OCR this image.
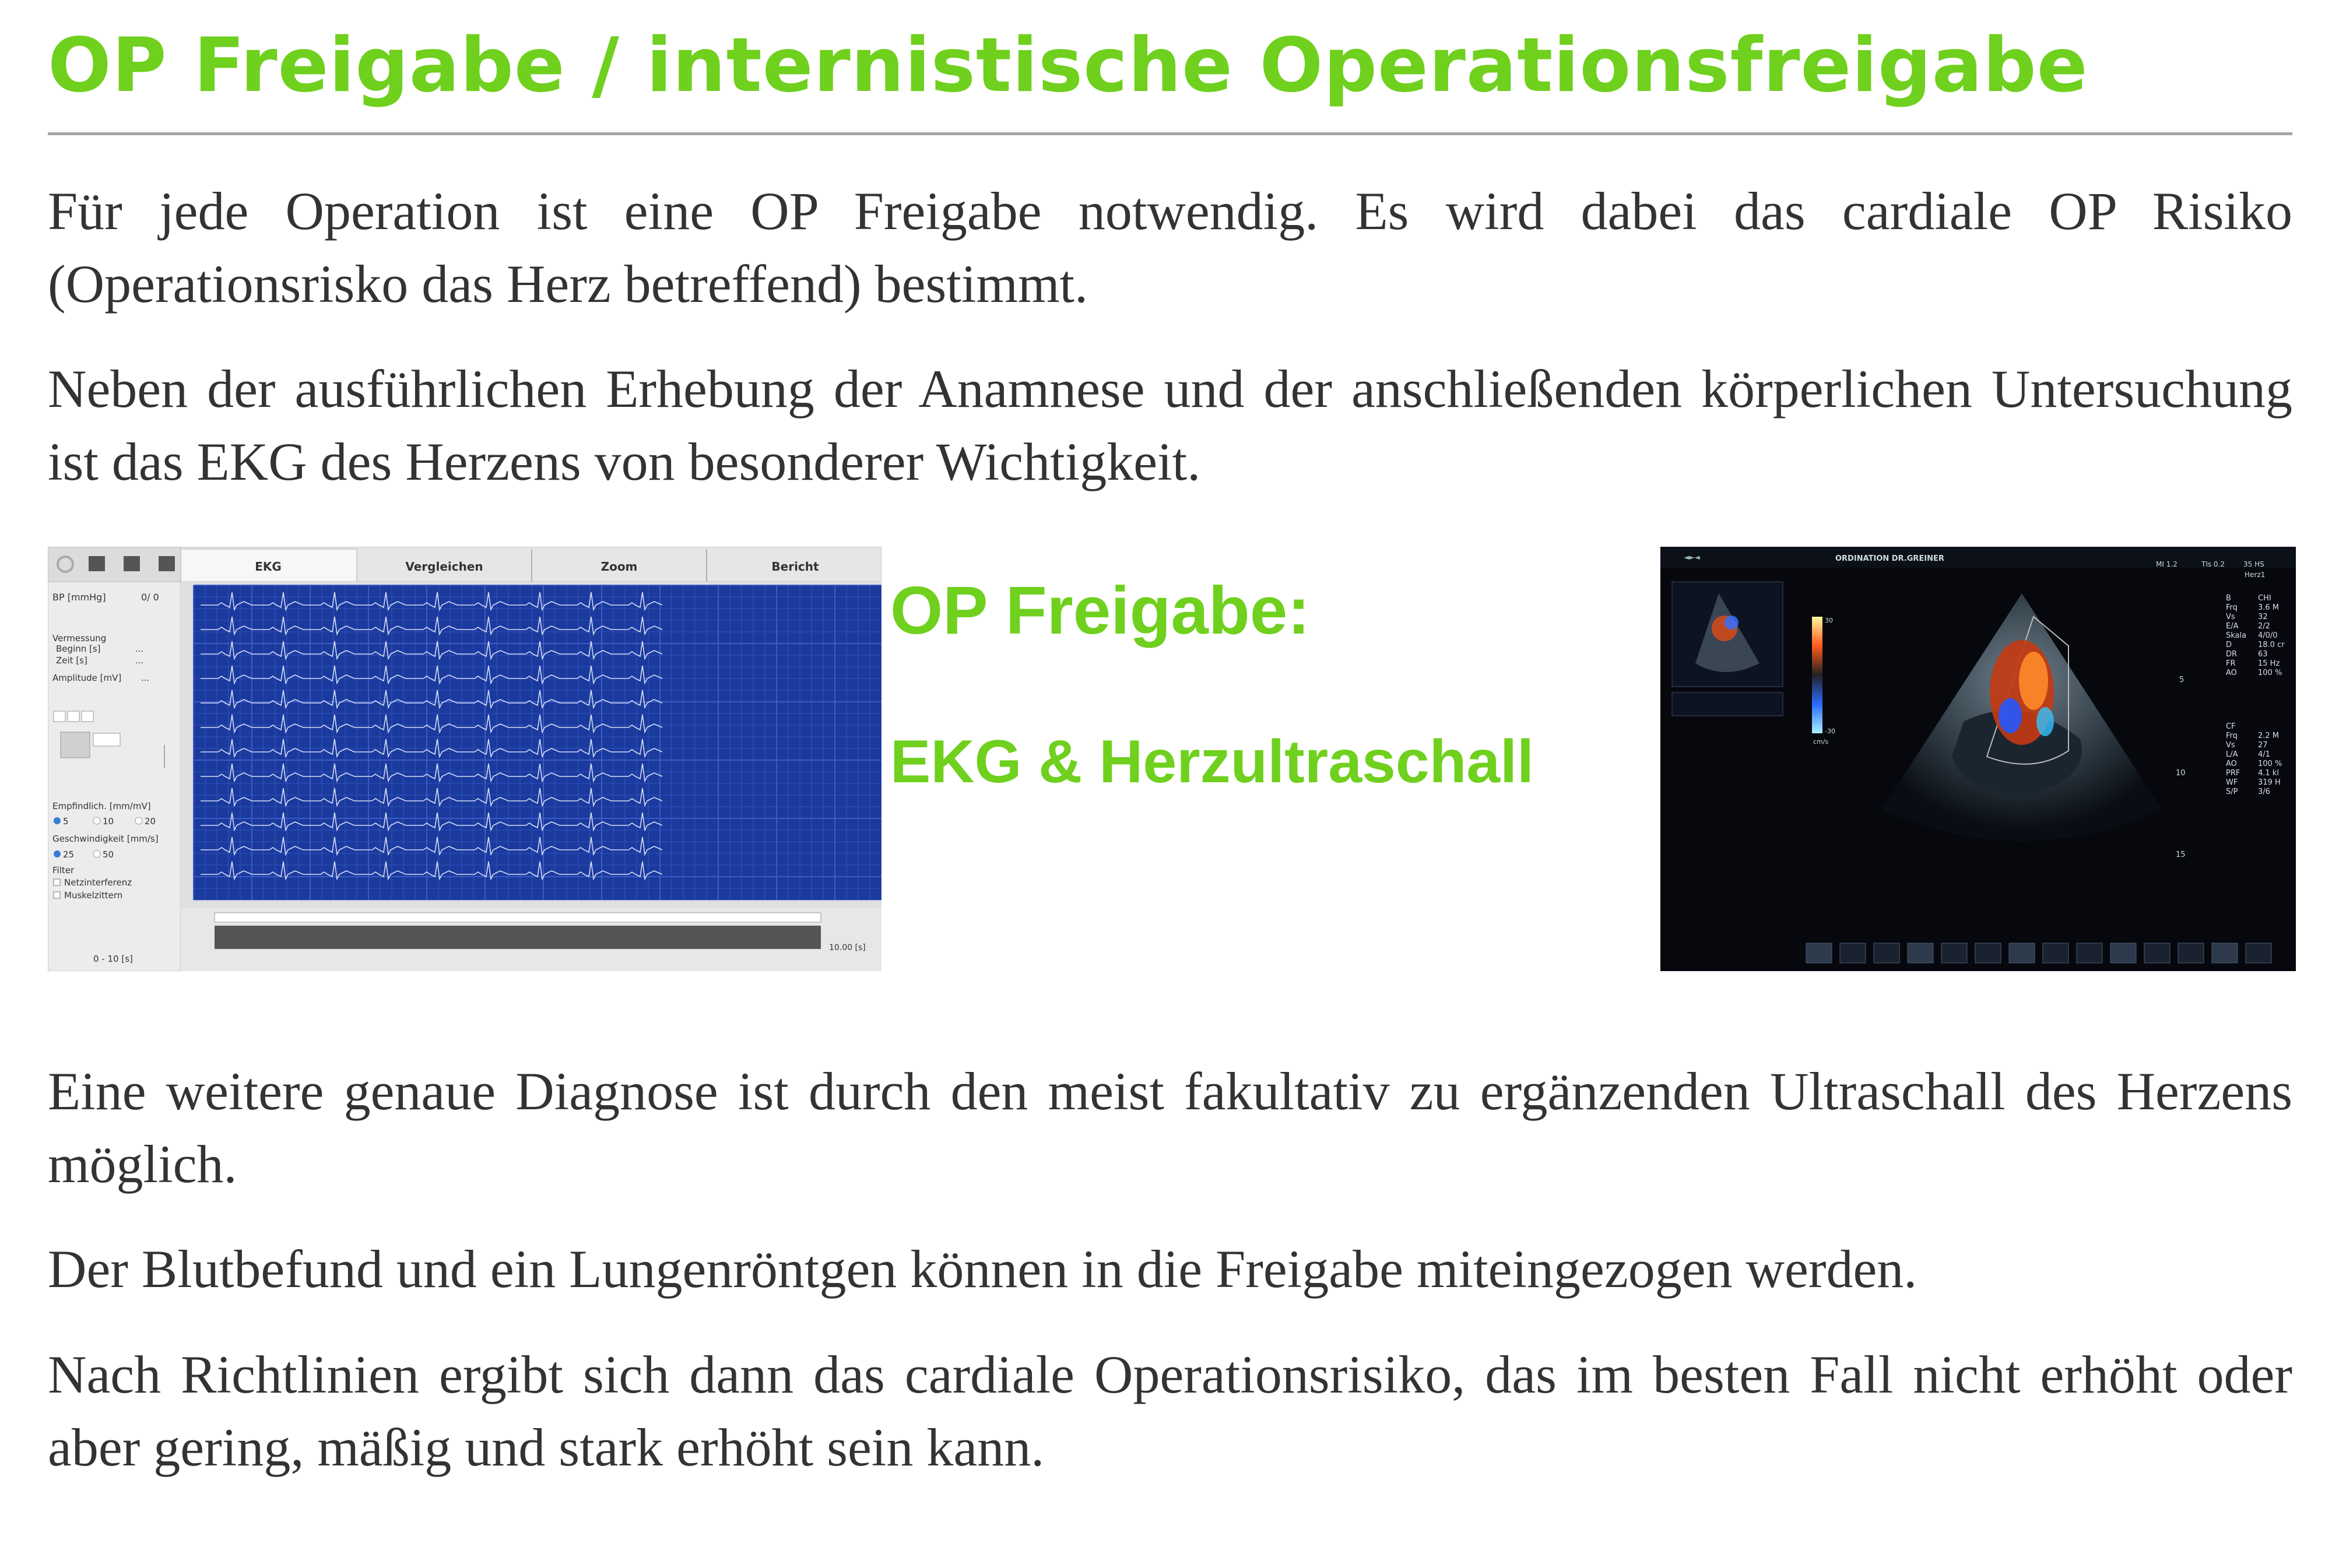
OP Freigabe / internistische Operationsfreigabe

Für jede Operation ist eine OP Freigabe notwendig. Es wird dabei das cardiale OP Risiko (Operationsrisko das Herz betreffend) bestimmt.

Neben der ausführlichen Erhebung der Anamnese und der anschließenden körperlichen Untersuchung ist das EKG des Herzens von besonderer Wichtigkeit.

EKG	Vergleichen	Zoom	Bericht
BP [mmHg]	0/ 0
Vermessung
Beginn [s]	...
Zeit [s]	...
Amplitude [mV] ...
Empfindlich. [mm/mV]
5	10	20
Geschwindigkeit [mm/s]
25	50
Filter
Netzinterferenz
Muskelzittern
0 - 10 [s]
10.00 [s]
OP Freigabe:
EKG & Herzultraschall
◄►◄	ORDINATION DR.GREINER
MI 1.2	TIs 0.2	35 HS
Herz1
30
-30
cm/s
5
10
15
B	CHI
Frq	3.6 M
Vs	32
E/A	2/2
Skala 4/0/0
D	18.0 cr
DR	63
FR	15 Hz
AO	100 %
CF
Frq	2.2 M
Vs	27
L/A	4/1
AO	100 %
PRF 4.1 kl
WF	319 H
S/P	3/6

Eine weitere genaue Diagnose ist durch den meist fakultativ zu ergänzenden Ultraschall des Herzens möglich.

Der Blutbefund und ein Lungenröntgen können in die Freigabe miteingezogen werden.

Nach Richtlinien ergibt sich dann das cardiale Operationsrisiko, das im besten Fall nicht erhöht oder aber gering, mäßig und stark erhöht sein kann.
